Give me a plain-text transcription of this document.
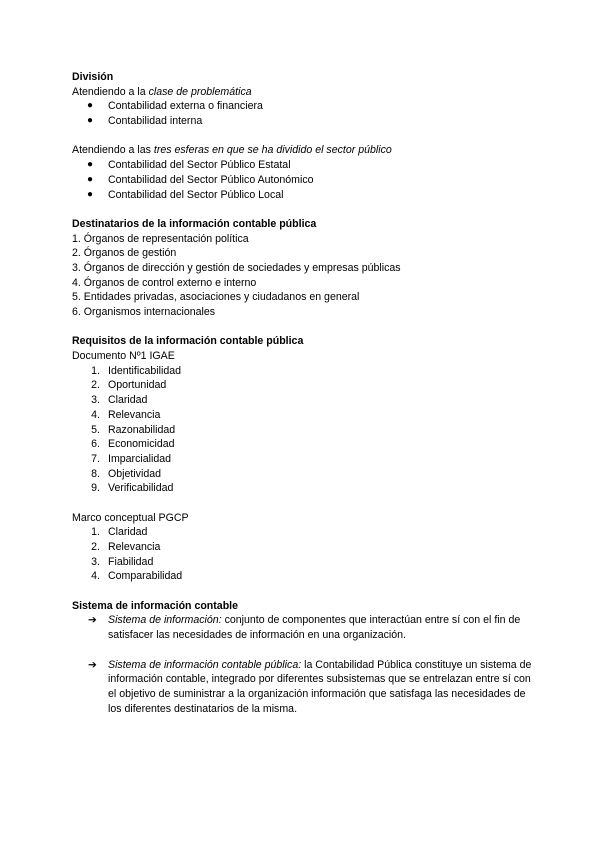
División
Atendiendo a la clase de problemática
● Contabilidad externa o financiera
● Contabilidad interna
Atendiendo a las tres esferas en que se ha dividido el sector público
● Contabilidad del Sector Público Estatal
● Contabilidad del Sector Público Autonómico
● Contabilidad del Sector Público Local
Destinatarios de la información contable pública
1. Órganos de representación política
2. Órganos de gestión
3. Órganos de dirección y gestión de sociedades y empresas públicas
4. Órganos de control externo e interno
5. Entidades privadas, asociaciones y ciudadanos en general
6. Organismos internacionales
Requisitos de la información contable pública
Documento Nº1 IGAE
1. Identificabilidad
2. Oportunidad
3. Claridad
4. Relevancia
5. Razonabilidad
6. Economicidad
7. Imparcialidad
8. Objetividad
9. Verificabilidad
Marco conceptual PGCP
1. Claridad
2. Relevancia
3. Fiabilidad
4. Comparabilidad
Sistema de información contable
➔ Sistema de información: conjunto de componentes que interactúan entre sí con el fin de satisfacer las necesidades de información en una organización.
➔ Sistema de información contable pública: la Contabilidad Pública constituye un sistema de información contable, integrado por diferentes subsistemas que se entrelazan entre sí con el objetivo de suministrar a la organización información que satisfaga las necesidades de los diferentes destinatarios de la misma.
